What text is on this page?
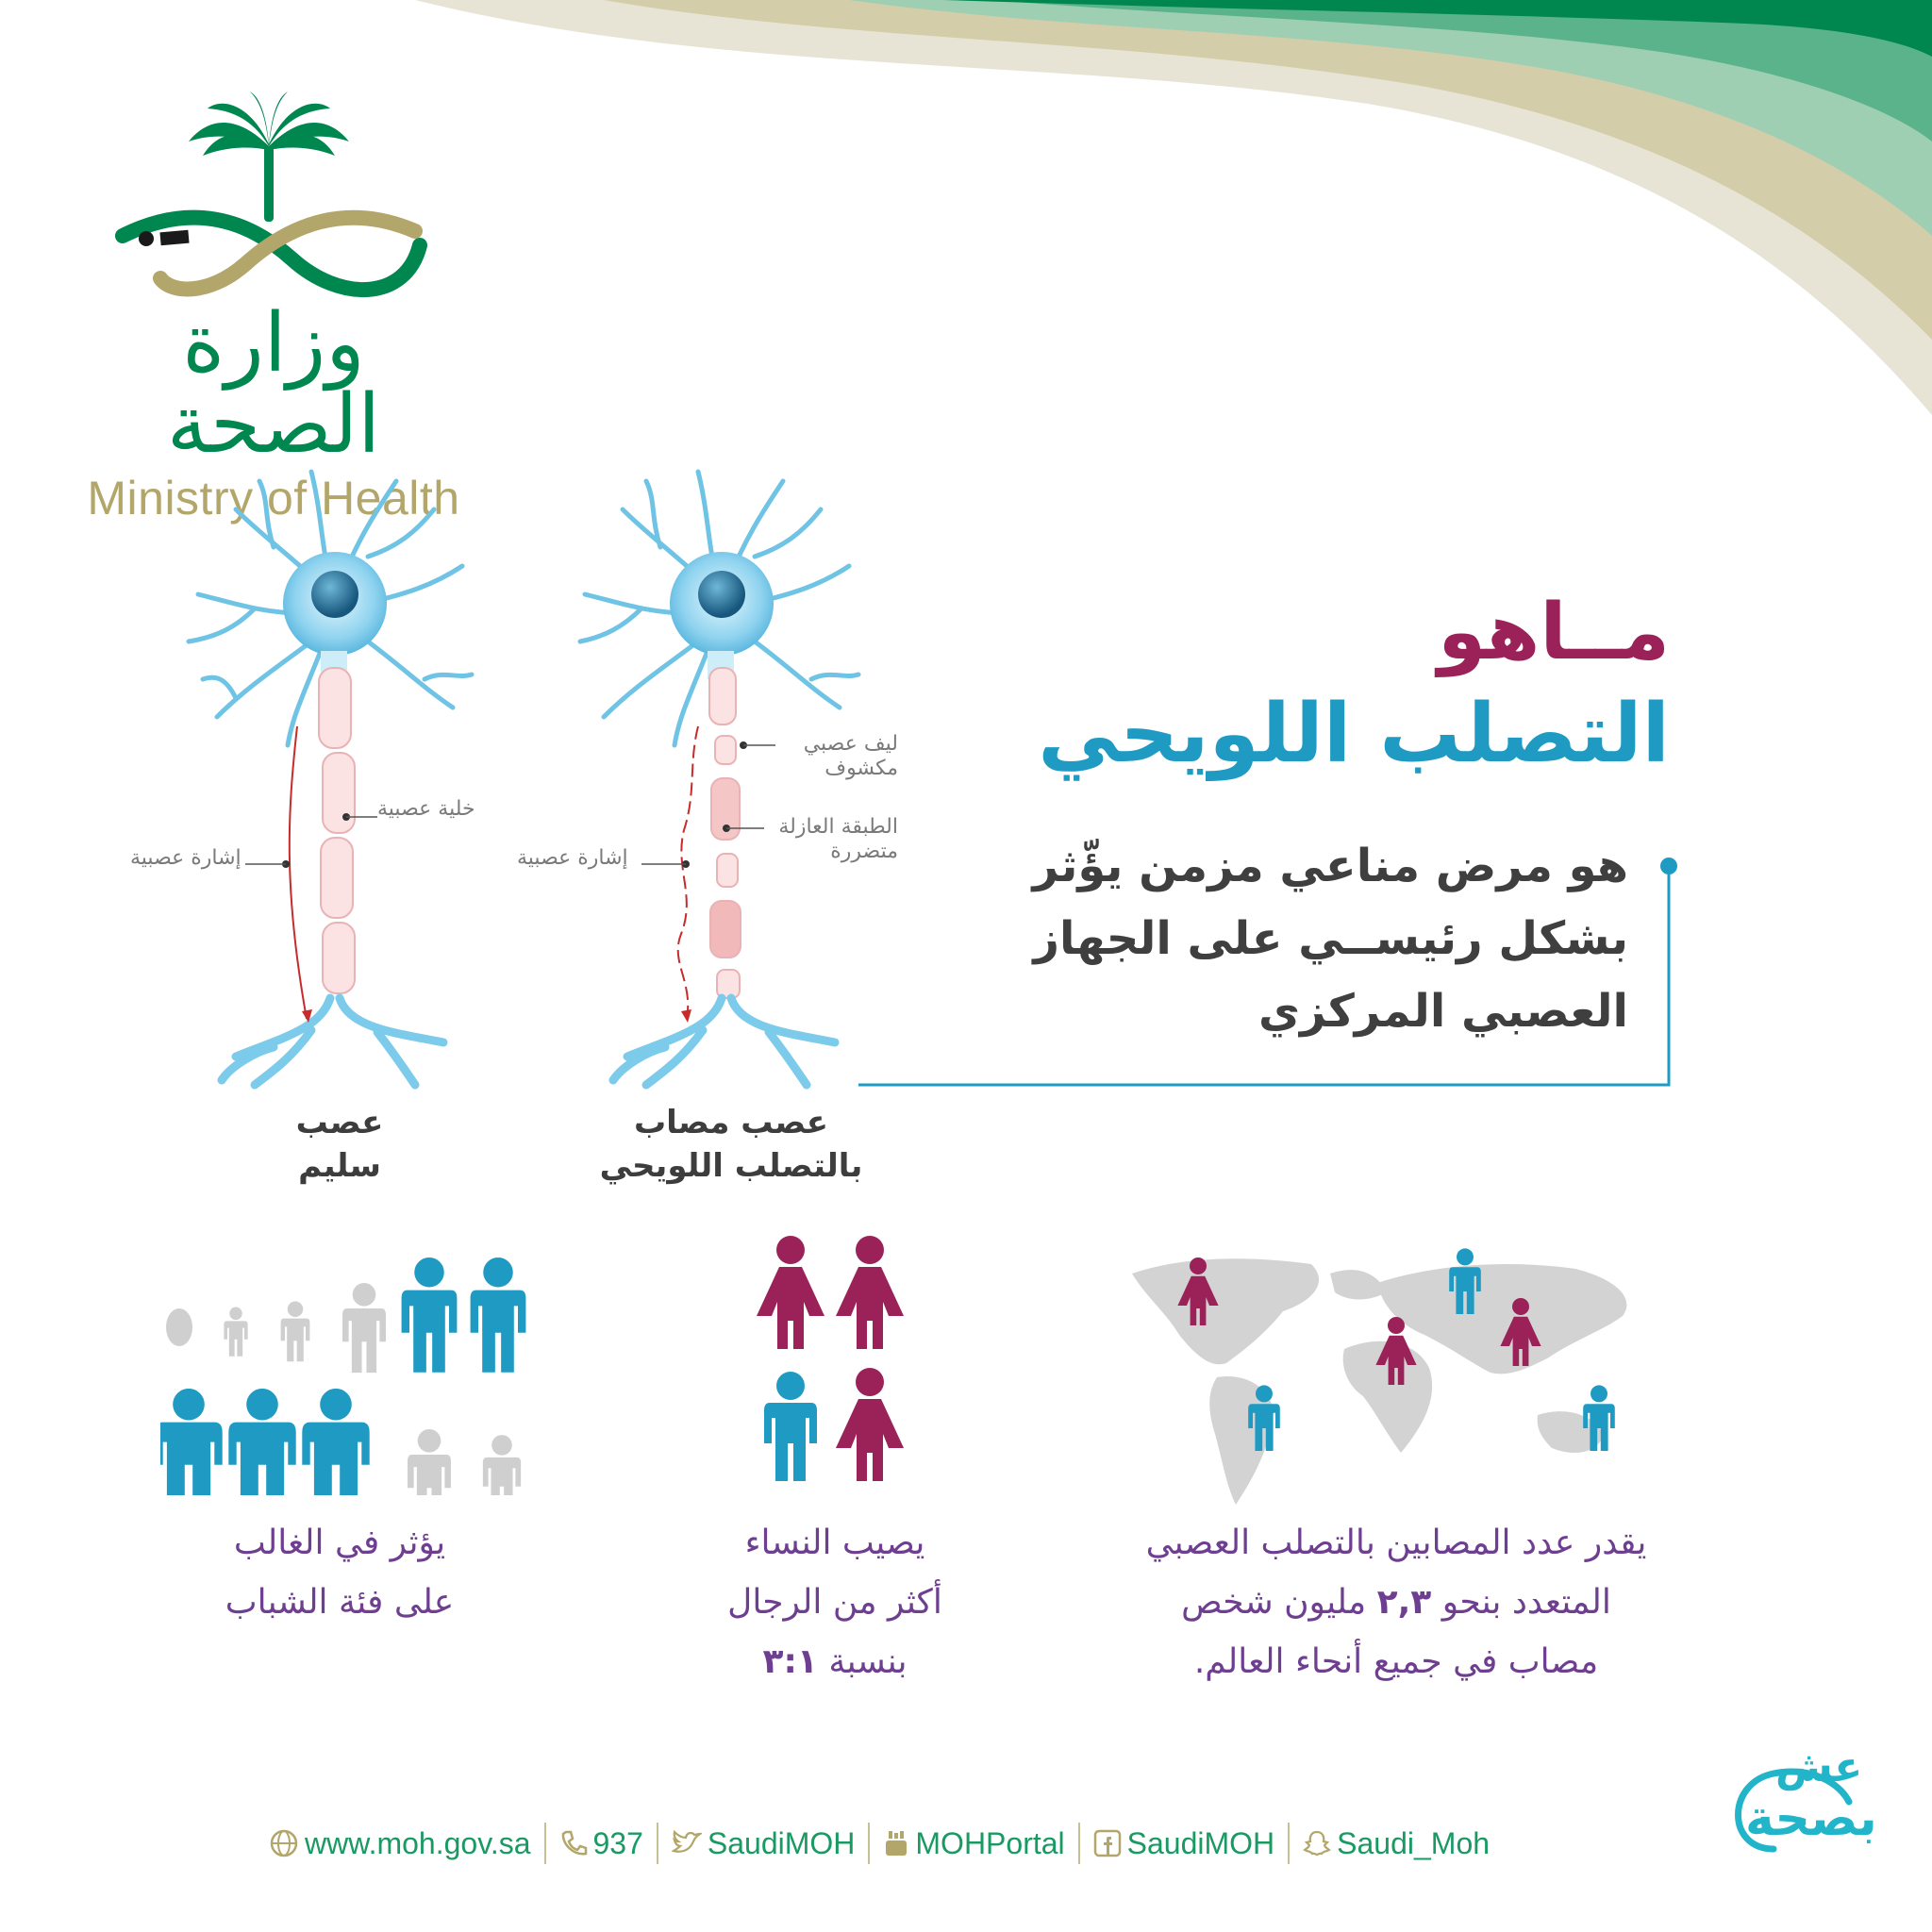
وزارة الصحة
Ministry of Health
مــاهو
التصلب اللويحي
هو مرض مناعي مزمن يؤّثر
بشكل رئيســي على الجهاز
العصبي المركزي
خلية عصبية
إشارة عصبية
عصب
سليم
ليف عصبي
مكشوف
الطبقة العازلة
متضررة
إشارة عصبية
عصب مصاب
بالتصلب اللويحي
يؤثر في الغالب
على فئة الشباب
يصيب النساء
أكثر من الرجال
بنسبة ٣:١
يقدر عدد المصابين بالتصلب العصبي
المتعدد بنحو ٢,٣ مليون شخص
مصاب في جميع أنحاء العالم.
عش
بصحة
www.moh.gov.sa 937 SaudiMOH MOHPortal SaudiMOH Saudi_Moh
